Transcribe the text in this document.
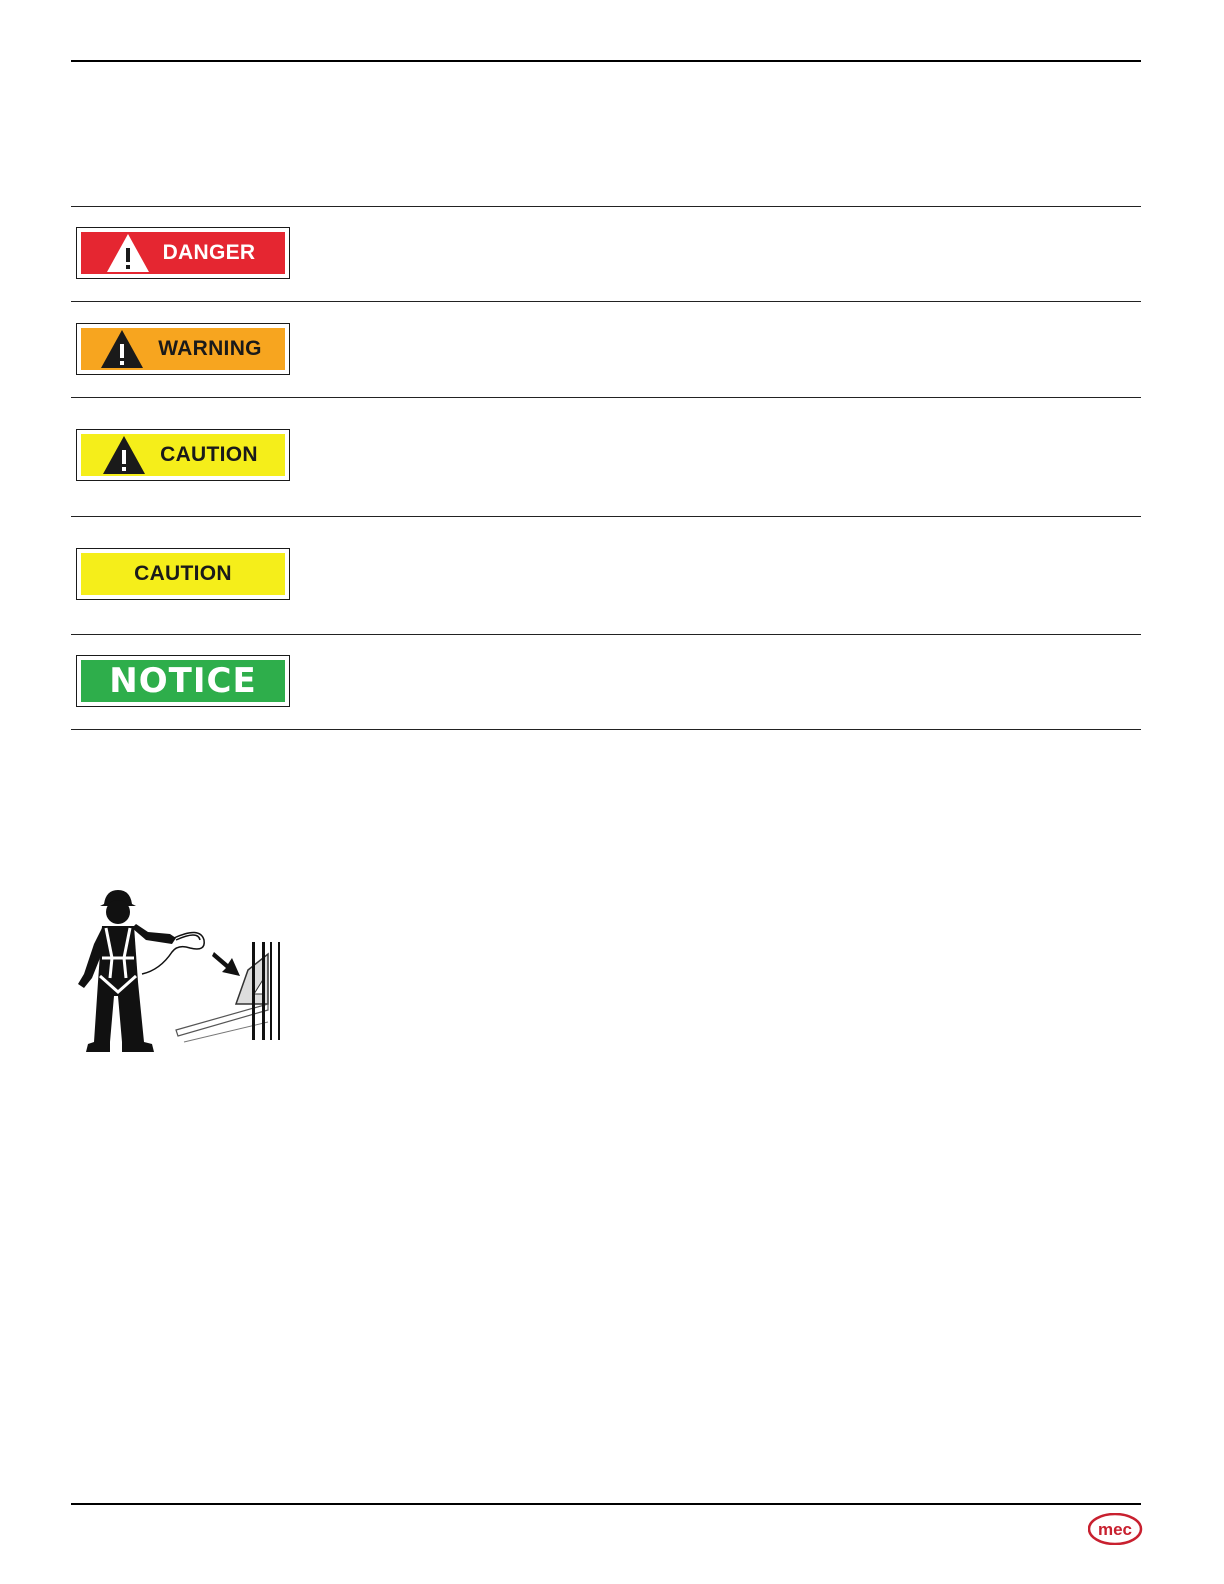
DANGER
WARNING
CAUTION
CAUTION
NOTICE
mec
